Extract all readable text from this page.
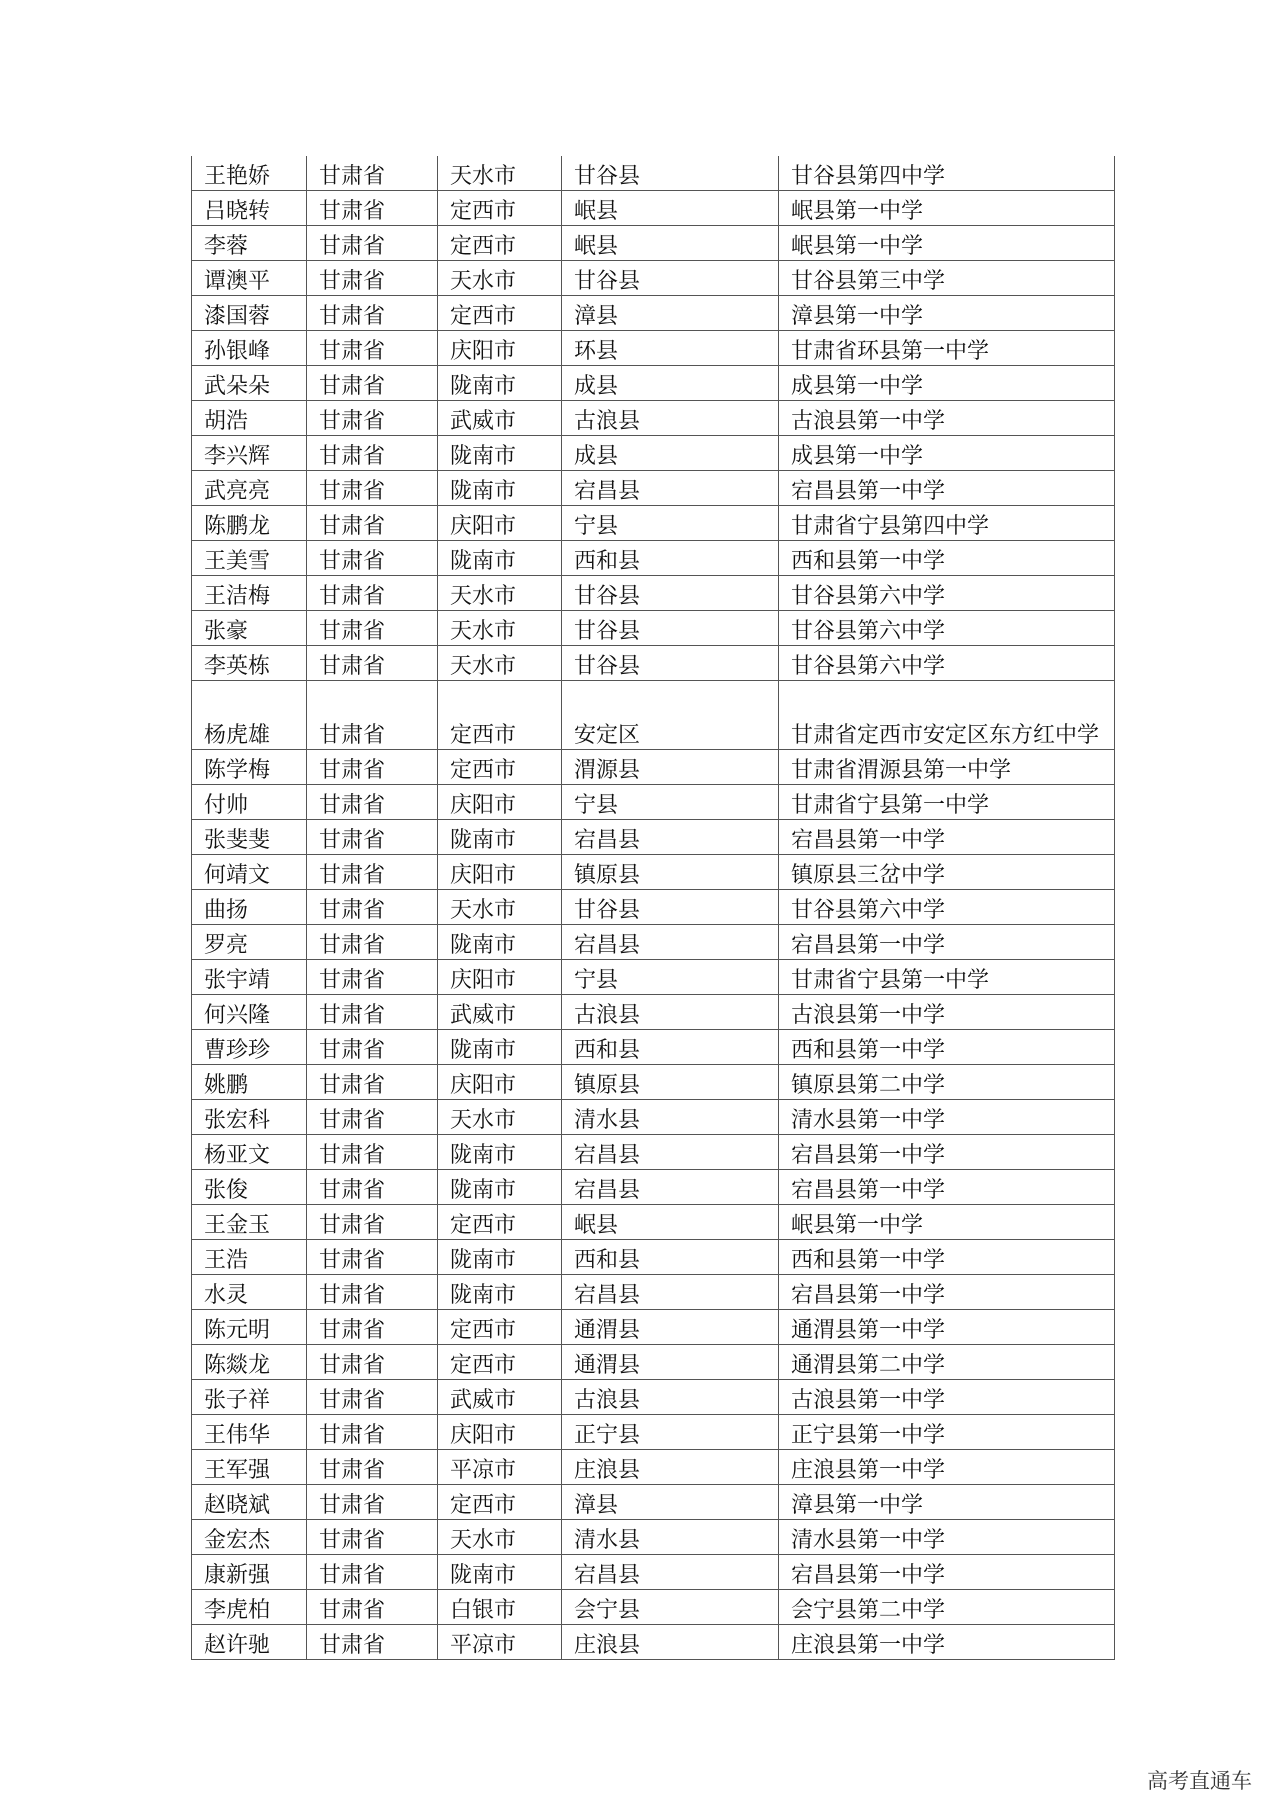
王艳娇	甘肃省	天水市	甘谷县	甘谷县第四中学
吕晓转	甘肃省	定西市	岷县	岷县第一中学
李蓉	甘肃省	定西市	岷县	岷县第一中学
谭澳平	甘肃省	天水市	甘谷县	甘谷县第三中学
漆国蓉	甘肃省	定西市	漳县	漳县第一中学
孙银峰	甘肃省	庆阳市	环县	甘肃省环县第一中学
武朵朵	甘肃省	陇南市	成县	成县第一中学
胡浩	甘肃省	武威市	古浪县	古浪县第一中学
李兴辉	甘肃省	陇南市	成县	成县第一中学
武亮亮	甘肃省	陇南市	宕昌县	宕昌县第一中学
陈鹏龙	甘肃省	庆阳市	宁县	甘肃省宁县第四中学
王美雪	甘肃省	陇南市	西和县	西和县第一中学
王洁梅	甘肃省	天水市	甘谷县	甘谷县第六中学
张豪	甘肃省	天水市	甘谷县	甘谷县第六中学
李英栋	甘肃省	天水市	甘谷县	甘谷县第六中学
杨虎雄	甘肃省	定西市	安定区	甘肃省定西市安定区东方红中学
陈学梅	甘肃省	定西市	渭源县	甘肃省渭源县第一中学
付帅	甘肃省	庆阳市	宁县	甘肃省宁县第一中学
张斐斐	甘肃省	陇南市	宕昌县	宕昌县第一中学
何靖文	甘肃省	庆阳市	镇原县	镇原县三岔中学
曲扬	甘肃省	天水市	甘谷县	甘谷县第六中学
罗亮	甘肃省	陇南市	宕昌县	宕昌县第一中学
张宇靖	甘肃省	庆阳市	宁县	甘肃省宁县第一中学
何兴隆	甘肃省	武威市	古浪县	古浪县第一中学
曹珍珍	甘肃省	陇南市	西和县	西和县第一中学
姚鹏	甘肃省	庆阳市	镇原县	镇原县第二中学
张宏科	甘肃省	天水市	清水县	清水县第一中学
杨亚文	甘肃省	陇南市	宕昌县	宕昌县第一中学
张俊	甘肃省	陇南市	宕昌县	宕昌县第一中学
王金玉	甘肃省	定西市	岷县	岷县第一中学
王浩	甘肃省	陇南市	西和县	西和县第一中学
水灵	甘肃省	陇南市	宕昌县	宕昌县第一中学
陈元明	甘肃省	定西市	通渭县	通渭县第一中学
陈燚龙	甘肃省	定西市	通渭县	通渭县第二中学
张子祥	甘肃省	武威市	古浪县	古浪县第一中学
王伟华	甘肃省	庆阳市	正宁县	正宁县第一中学
王军强	甘肃省	平凉市	庄浪县	庄浪县第一中学
赵晓斌	甘肃省	定西市	漳县	漳县第一中学
金宏杰	甘肃省	天水市	清水县	清水县第一中学
康新强	甘肃省	陇南市	宕昌县	宕昌县第一中学
李虎柏	甘肃省	白银市	会宁县	会宁县第二中学
赵许驰	甘肃省	平凉市	庄浪县	庄浪县第一中学
高考直通车
